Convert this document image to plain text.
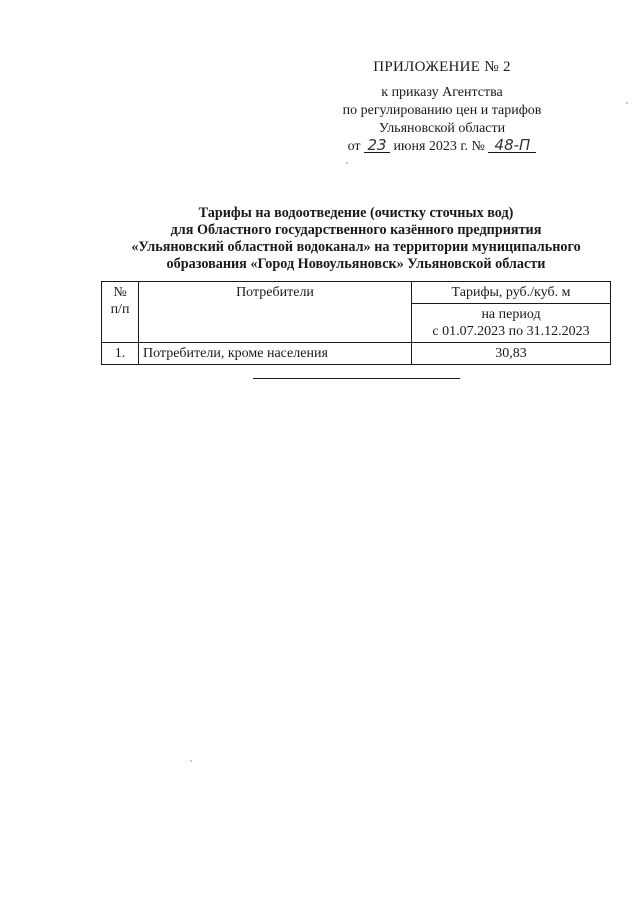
ПРИЛОЖЕНИЕ № 2
к приказу Агентства
по регулированию цен и тарифов
Ульяновской области
от 23 июня 2023 г. № 48-П
Тарифы на водоотведение (очистку сточных вод)
для Областного государственного казённого предприятия
«Ульяновский областной водоканал» на территории муниципального
образования «Город Новоульяновск» Ульяновской области
№
п/п	Потребители	Тарифы, руб./куб. м

		на период
с 01.07.2023 по 31.12.2023

1.	Потребители, кроме населения	30,83
